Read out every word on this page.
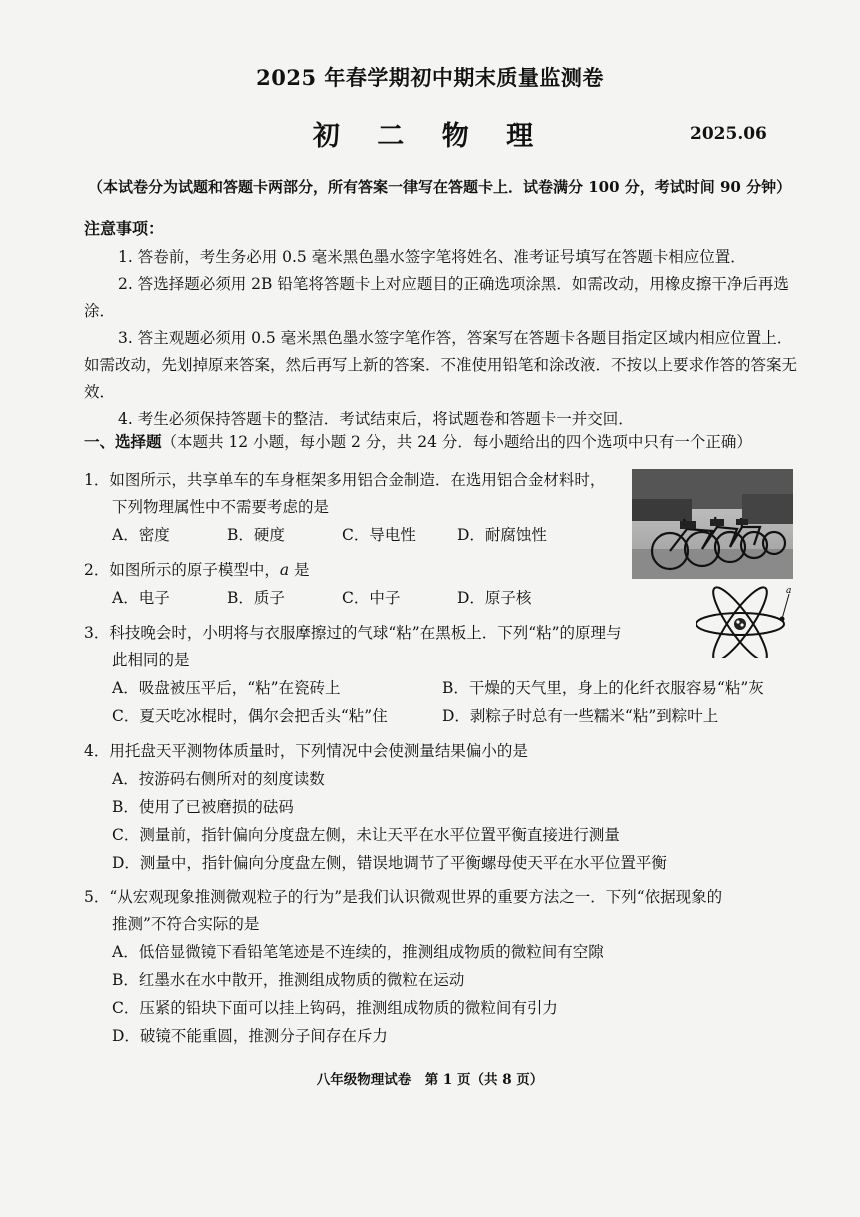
2025 年春学期初中期末质量监测卷
初 二 物 理	2025.06
（本试卷分为试题和答题卡两部分，所有答案一律写在答题卡上．试卷满分 100 分，考试时间 90 分钟）
注意事项：

1. 答卷前，考生务必用 0.5 毫米黑色墨水签字笔将姓名、准考证号填写在答题卡相应位置．

2. 答选择题必须用 2B 铅笔将答题卡上对应题目的正确选项涂黑．如需改动，用橡皮擦干净后再选涂．

3. 答主观题必须用 0.5 毫米黑色墨水签字笔作答，答案写在答题卡各题目指定区域内相应位置上．如需改动，先划掉原来答案，然后再写上新的答案．不准使用铅笔和涂改液．不按以上要求作答的答案无效．

4. 考生必须保持答题卡的整洁．考试结束后，将试题卷和答题卡一并交回．

一、选择题（本题共 12 小题，每小题 2 分，共 24 分．每小题给出的四个选项中只有一个正确）
1．如图所示，共享单车的车身框架多用铝合金制造．在选用铝合金材料时，
下列物理属性中不需要考虑的是
A．密度	B．硬度	C．导电性	D．耐腐蚀性
2．如图所示的原子模型中，a 是
A．电子	B．质子	C．中子	D．原子核	a
3．科技晚会时，小明将与衣服摩擦过的气球“粘”在黑板上．下列“粘”的原理与
此相同的是
A．吸盘被压平后，“粘”在瓷砖上	B．干燥的天气里，身上的化纤衣服容易“粘”灰
C．夏天吃冰棍时，偶尔会把舌头“粘”住	D．剥粽子时总有一些糯米“粘”到粽叶上
4．用托盘天平测物体质量时，下列情况中会使测量结果偏小的是
A．按游码右侧所对的刻度读数
B．使用了已被磨损的砝码
C．测量前，指针偏向分度盘左侧，未让天平在水平位置平衡直接进行测量
D．测量中，指针偏向分度盘左侧，错误地调节了平衡螺母使天平在水平位置平衡
5．“从宏观现象推测微观粒子的行为”是我们认识微观世界的重要方法之一．下列“依据现象的
推测”不符合实际的是
A．低倍显微镜下看铅笔笔迹是不连续的，推测组成物质的微粒间有空隙
B．红墨水在水中散开，推测组成物质的微粒在运动
C．压紧的铅块下面可以挂上钩码，推测组成物质的微粒间有引力
D．破镜不能重圆，推测分子间存在斥力
八年级物理试卷　第 1 页（共 8 页）
